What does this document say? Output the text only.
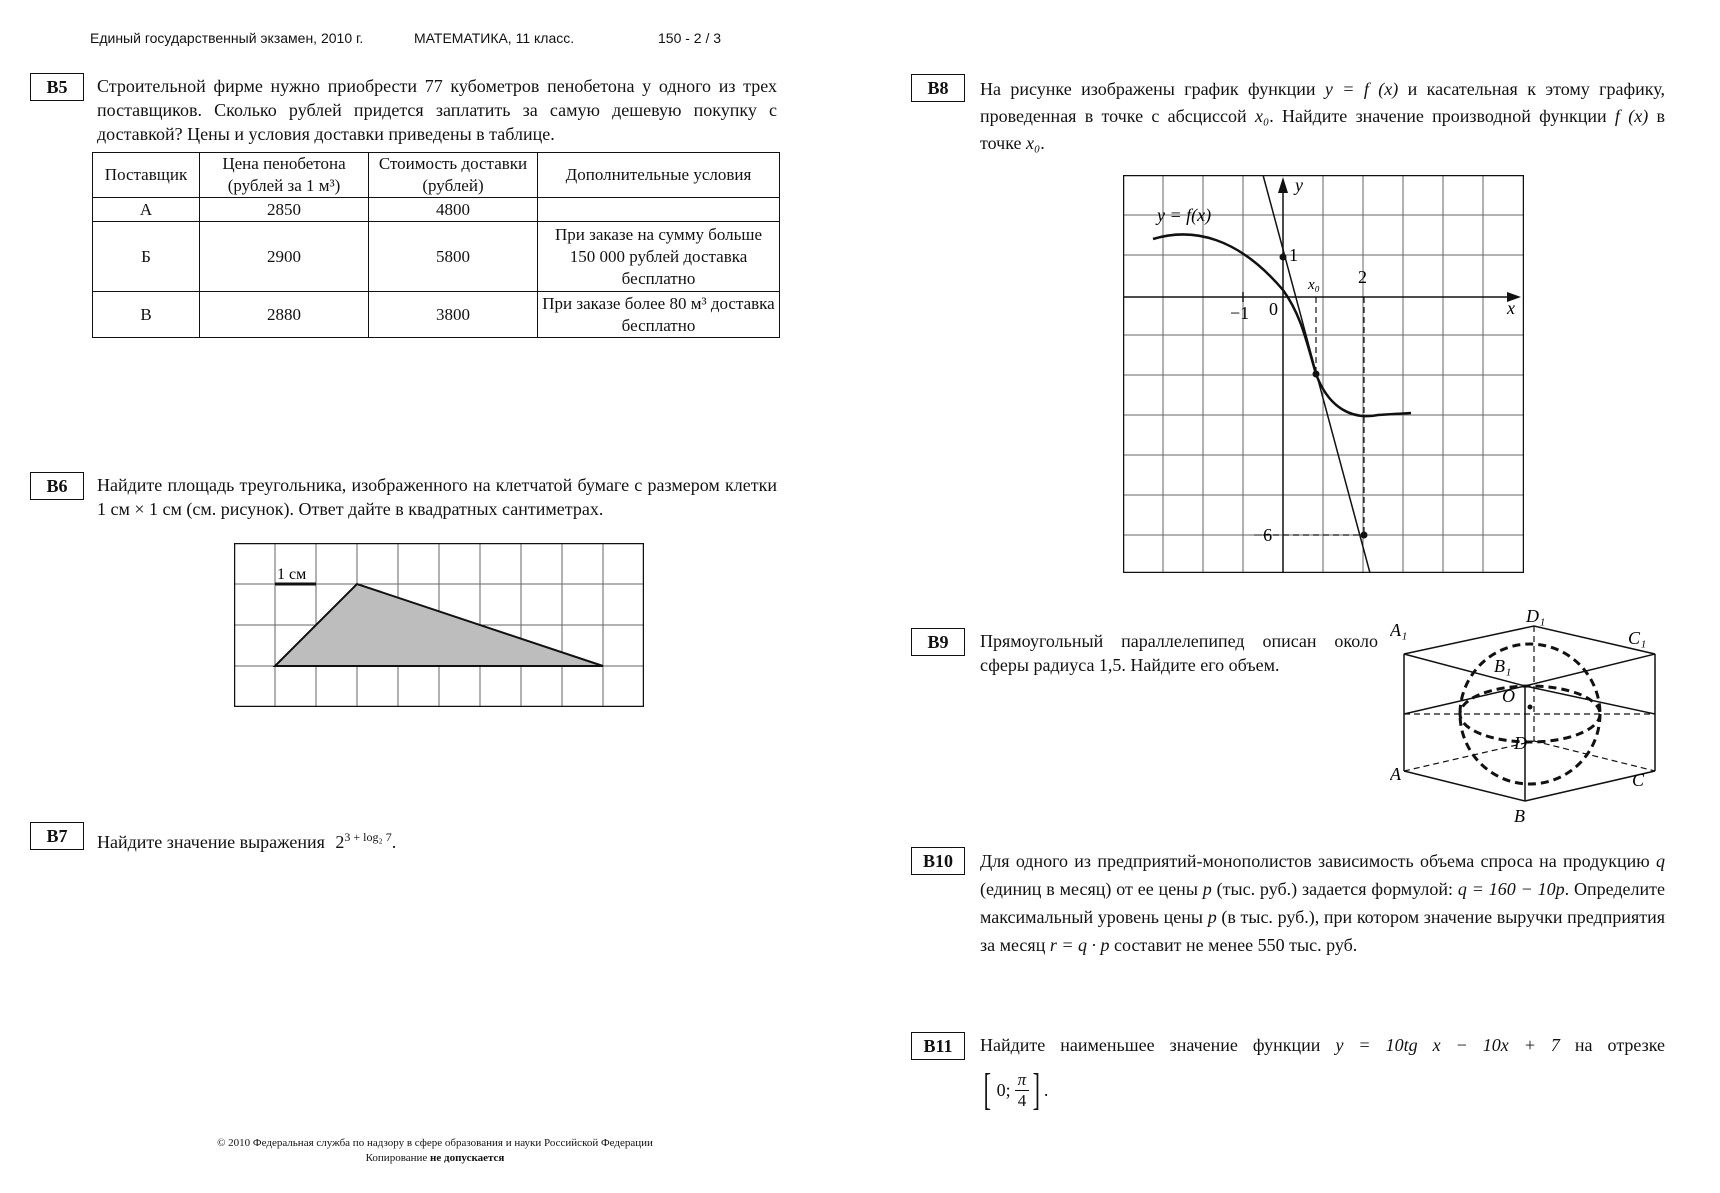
Единый государственный экзамен, 2010 г.	МАТЕМАТИКА, 11 класс.	150 - 2 / 3
B5	Строительной фирме нужно приобрести 77 кубометров пенобетона у одного из трех поставщиков. Сколько рублей придется заплатить за самую дешевую покупку с доставкой? Цены и условия доставки приведены в таблице.
Поставщик	Цена пенобетона (рублей за 1 м³)	Стоимость доставки (рублей)	Дополнительные условия
А	2850	4800	
Б	2900	5800	При заказе на сумму больше 150 000 рублей доставка бесплатно
В	2880	3800	При заказе более 80 м³ доставка бесплатно
B6	Найдите площадь треугольника, изображенного на клетчатой бумаге с размером клетки 1 см × 1 см (см. рисунок). Ответ дайте в квадратных сантиметрах.
1 см
B7	Найдите значение выражения $2^{3 + log_2 7}$.
B8	На рисунке изображены график функции y = f (x) и касательная к этому графику, проведенная в точке с абсциссой x₀. Найдите значение производной функции f (x) в точке x₀.
y = f(x)
y
x
1
0
−1
x₀ 2
−6
B9	Прямоугольный параллелепипед описан около сферы радиуса 1,5. Найдите его объем.
A₁
D₁
C₁
B₁
O
D
A	C
B
B10	Для одного из предприятий-монополистов зависимость объема спроса на продукцию q (единиц в месяц) от ее цены p (тыс. руб.) задается формулой: q = 160 − 10p. Определите максимальный уровень цены p (в тыс. руб.), при котором значение выручки предприятия за месяц r = q · p составит не менее 550 тыс. руб.
B11	Найдите наименьшее значение функции y = 10tg x − 10x + 7 на отрезке
[ 0; $\frac{\pi}{4}$ ] .
© 2010 Федеральная служба по надзору в сфере образования и науки Российской Федерации
Копирование не допускается
